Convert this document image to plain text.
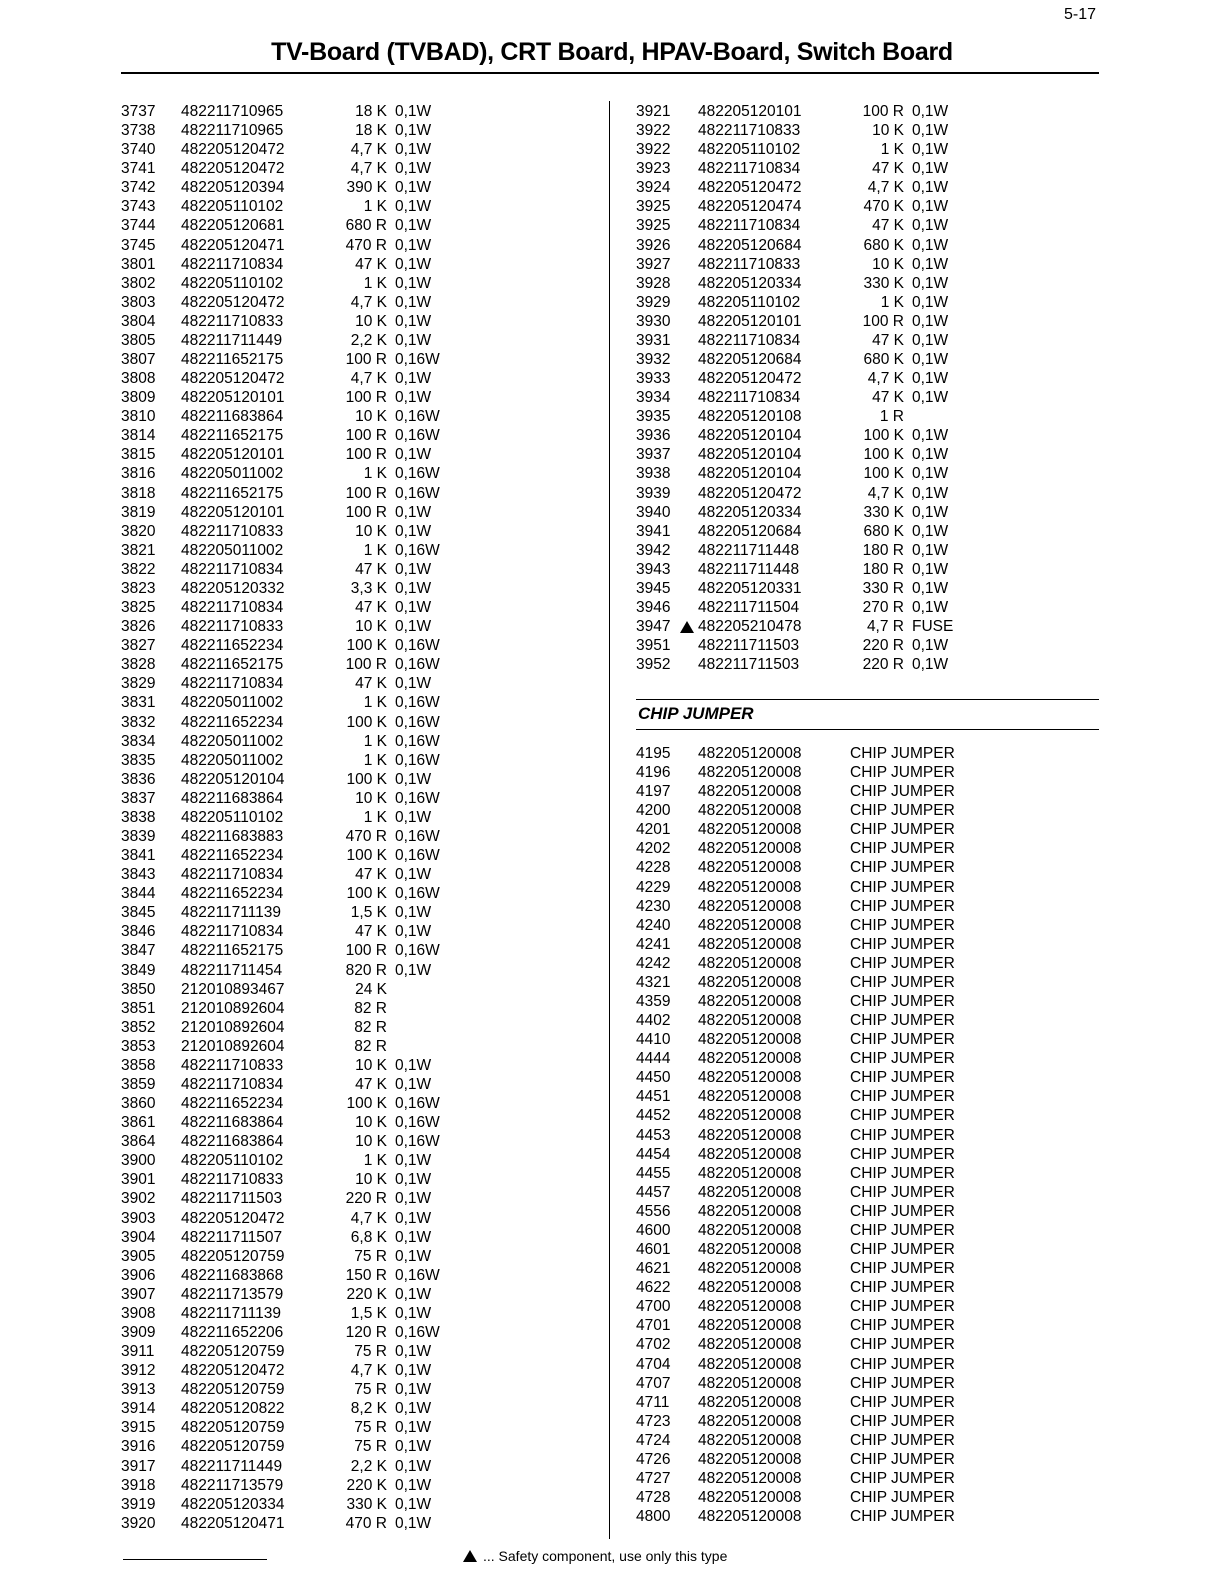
5-17
TV-Board (TVBAD), CRT Board, HPAV-Board, Switch Board
3737	482211710965	18 K 0,1W
3738	482211710965	18 K 0,1W
3740	482205120472	4,7 K 0,1W
3741	482205120472	4,7 K 0,1W
3742	482205120394	390 K 0,1W
3743	482205110102	1 K 0,1W
3744	482205120681	680 R 0,1W
3745	482205120471	470 R 0,1W
3801	482211710834	47 K 0,1W
3802	482205110102	1 K 0,1W
3803	482205120472	4,7 K 0,1W
3804	482211710833	10 K 0,1W
3805	482211711449	2,2 K 0,1W
3807	482211652175	100 R 0,16W
3808	482205120472	4,7 K 0,1W
3809	482205120101	100 R 0,1W
3810	482211683864	10 K 0,16W
3814	482211652175	100 R 0,16W
3815	482205120101	100 R 0,1W
3816	482205011002	1 K 0,16W
3818	482211652175	100 R 0,16W
3819	482205120101	100 R 0,1W
3820	482211710833	10 K 0,1W
3821	482205011002	1 K 0,16W
3822	482211710834	47 K 0,1W
3823	482205120332	3,3 K 0,1W
3825	482211710834	47 K 0,1W
3826	482211710833	10 K 0,1W
3827	482211652234	100 K 0,16W
3828	482211652175	100 R 0,16W
3829	482211710834	47 K 0,1W
3831	482205011002	1 K 0,16W
3832	482211652234	100 K 0,16W
3834	482205011002	1 K 0,16W
3835	482205011002	1 K 0,16W
3836	482205120104	100 K 0,1W
3837	482211683864	10 K 0,16W
3838	482205110102	1 K 0,1W
3839	482211683883	470 R 0,16W
3841	482211652234	100 K 0,16W
3843	482211710834	47 K 0,1W
3844	482211652234	100 K 0,16W
3845	482211711139	1,5 K 0,1W
3846	482211710834	47 K 0,1W
3847	482211652175	100 R 0,16W
3849	482211711454	820 R 0,1W
3850	212010893467	24 K
3851	212010892604	82 R
3852	212010892604	82 R
3853	212010892604	82 R
3858	482211710833	10 K 0,1W
3859	482211710834	47 K 0,1W
3860	482211652234	100 K 0,16W
3861	482211683864	10 K 0,16W
3864	482211683864	10 K 0,16W
3900	482205110102	1 K 0,1W
3901	482211710833	10 K 0,1W
3902	482211711503	220 R 0,1W
3903	482205120472	4,7 K 0,1W
3904	482211711507	6,8 K 0,1W
3905	482205120759	75 R 0,1W
3906	482211683868	150 R 0,16W
3907	482211713579	220 K 0,1W
3908	482211711139	1,5 K 0,1W
3909	482211652206	120 R 0,16W
3911	482205120759	75 R 0,1W
3912	482205120472	4,7 K 0,1W
3913	482205120759	75 R 0,1W
3914	482205120822	8,2 K 0,1W
3915	482205120759	75 R 0,1W
3916	482205120759	75 R 0,1W
3917	482211711449	2,2 K 0,1W
3918	482211713579	220 K 0,1W
3919	482205120334	330 K 0,1W
3920	482205120471	470 R 0,1W
3921	482205120101	100 R 0,1W
3922	482211710833	10 K 0,1W
3922	482205110102	1 K 0,1W
3923	482211710834	47 K 0,1W
3924	482205120472	4,7 K 0,1W
3925	482205120474	470 K 0,1W
3925	482211710834	47 K 0,1W
3926	482205120684	680 K 0,1W
3927	482211710833	10 K 0,1W
3928	482205120334	330 K 0,1W
3929	482205110102	1 K 0,1W
3930	482205120101	100 R 0,1W
3931	482211710834	47 K 0,1W
3932	482205120684	680 K 0,1W
3933	482205120472	4,7 K 0,1W
3934	482211710834	47 K 0,1W
3935	482205120108	1 R
3936	482205120104	100 K 0,1W
3937	482205120104	100 K 0,1W
3938	482205120104	100 K 0,1W
3939	482205120472	4,7 K 0,1W
3940	482205120334	330 K 0,1W
3941	482205120684	680 K 0,1W
3942	482211711448	180 R 0,1W
3943	482211711448	180 R 0,1W
3945	482205120331	330 R 0,1W
3946	482211711504	270 R 0,1W
3947	482205210478	4,7 R FUSE
3951	482211711503	220 R 0,1W
3952	482211711503	220 R 0,1W
CHIP JUMPER
4195	482205120008	CHIP JUMPER
4196	482205120008	CHIP JUMPER
4197	482205120008	CHIP JUMPER
4200	482205120008	CHIP JUMPER
4201	482205120008	CHIP JUMPER
4202	482205120008	CHIP JUMPER
4228	482205120008	CHIP JUMPER
4229	482205120008	CHIP JUMPER
4230	482205120008	CHIP JUMPER
4240	482205120008	CHIP JUMPER
4241	482205120008	CHIP JUMPER
4242	482205120008	CHIP JUMPER
4321	482205120008	CHIP JUMPER
4359	482205120008	CHIP JUMPER
4402	482205120008	CHIP JUMPER
4410	482205120008	CHIP JUMPER
4444	482205120008	CHIP JUMPER
4450	482205120008	CHIP JUMPER
4451	482205120008	CHIP JUMPER
4452	482205120008	CHIP JUMPER
4453	482205120008	CHIP JUMPER
4454	482205120008	CHIP JUMPER
4455	482205120008	CHIP JUMPER
4457	482205120008	CHIP JUMPER
4556	482205120008	CHIP JUMPER
4600	482205120008	CHIP JUMPER
4601	482205120008	CHIP JUMPER
4621	482205120008	CHIP JUMPER
4622	482205120008	CHIP JUMPER
4700	482205120008	CHIP JUMPER
4701	482205120008	CHIP JUMPER
4702	482205120008	CHIP JUMPER
4704	482205120008	CHIP JUMPER
4707	482205120008	CHIP JUMPER
4711	482205120008	CHIP JUMPER
4723	482205120008	CHIP JUMPER
4724	482205120008	CHIP JUMPER
4726	482205120008	CHIP JUMPER
4727	482205120008	CHIP JUMPER
4728	482205120008	CHIP JUMPER
4800	482205120008	CHIP JUMPER
... Safety component, use only this type
